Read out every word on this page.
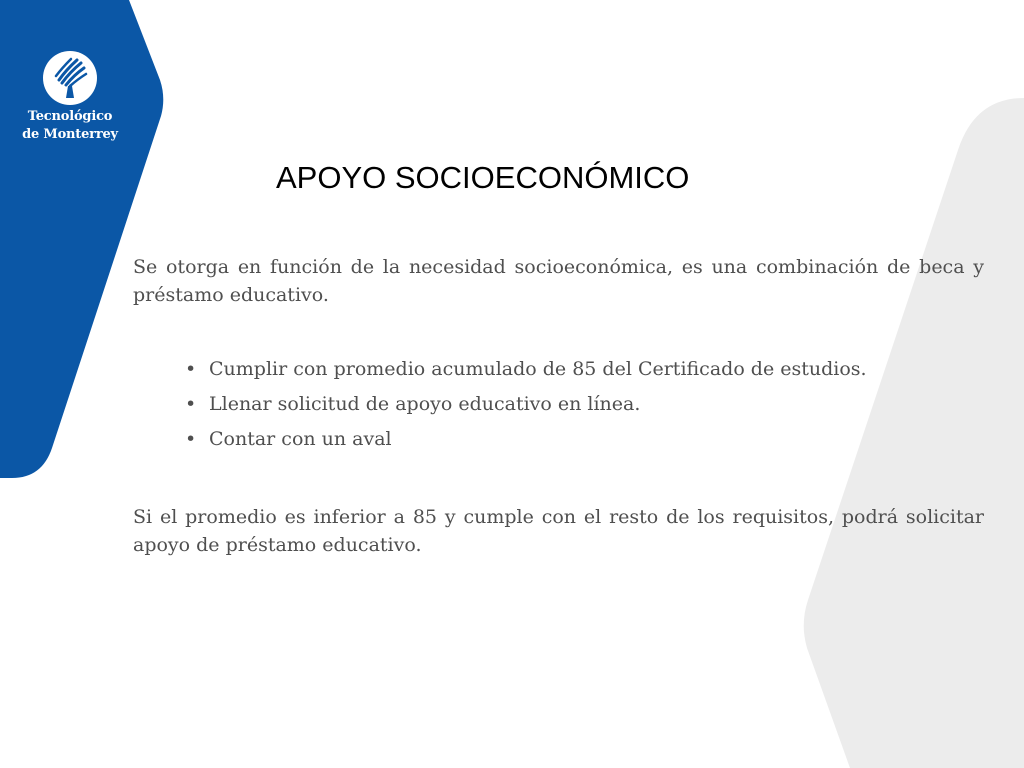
Tecnológico
de Monterrey
APOYO SOCIOECONÓMICO

Se otorga en función de la necesidad socioeconómica, es una combinación de beca y préstamo educativo.

• Cumplir con promedio acumulado de 85 del Certificado de estudios.
• Llenar solicitud de apoyo educativo en línea.
• Contar con un aval

Si el promedio es inferior a 85 y cumple con el resto de los requisitos, podrá solicitar apoyo de préstamo educativo.
